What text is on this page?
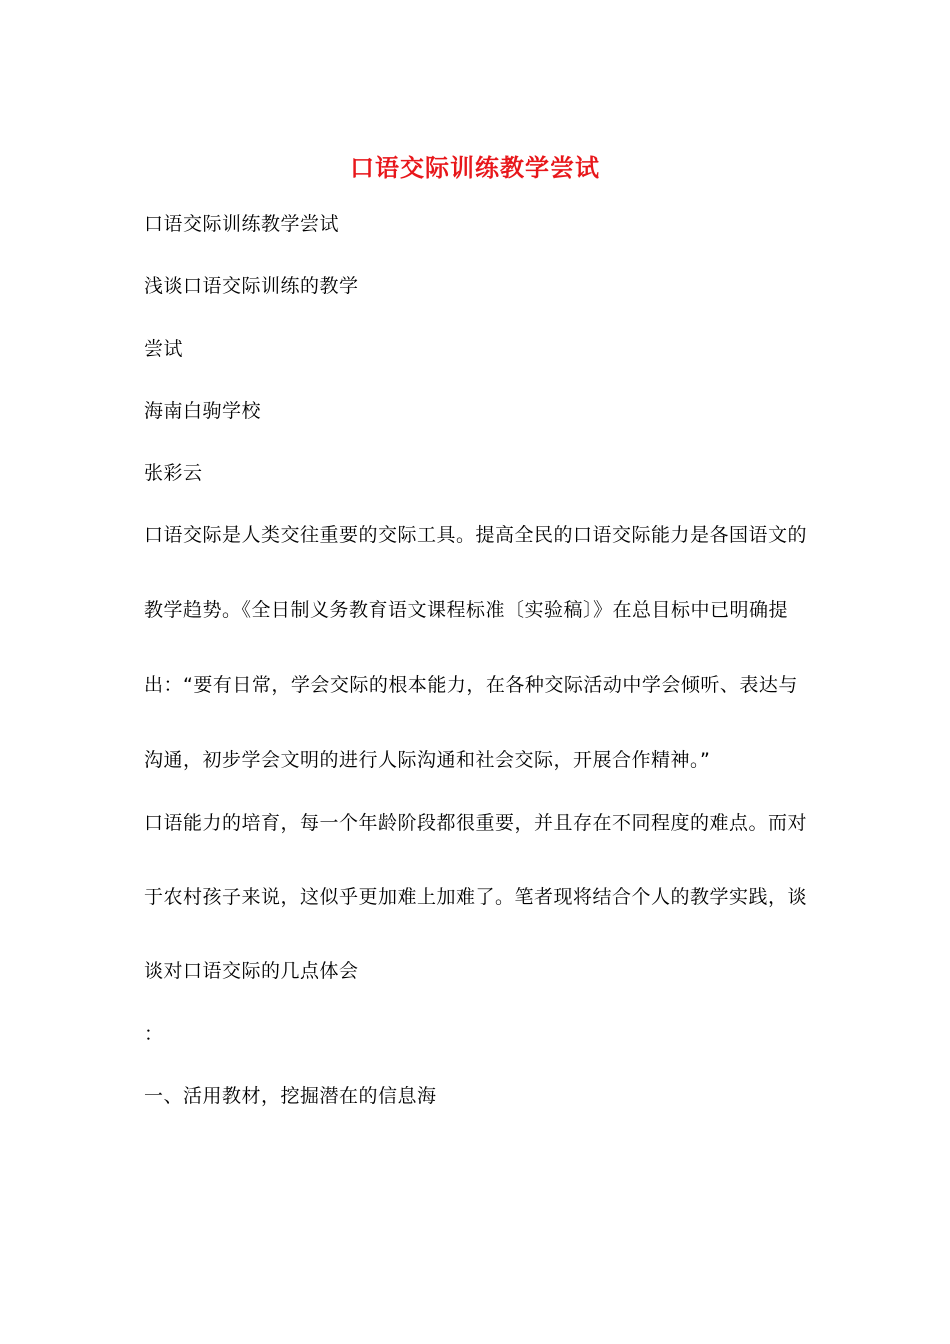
口语交际训练教学尝试
口语交际训练教学尝试
浅谈口语交际训练的教学
尝试
海南白驹学校
张彩云
口语交际是人类交往重要的交际工具。提高全民的口语交际能力是各国语文的
教学趋势。《全日制义务教育语文课程标准〔实验稿〕》在总目标中已明确提
出：“要有日常，学会交际的根本能力，在各种交际活动中学会倾听、表达与
沟通，初步学会文明的进行人际沟通和社会交际，开展合作精神。”
口语能力的培育，每一个年龄阶段都很重要，并且存在不同程度的难点。而对
于农村孩子来说，这似乎更加难上加难了。笔者现将结合个人的教学实践，谈
谈对口语交际的几点体会
：
一、活用教材，挖掘潜在的信息海
